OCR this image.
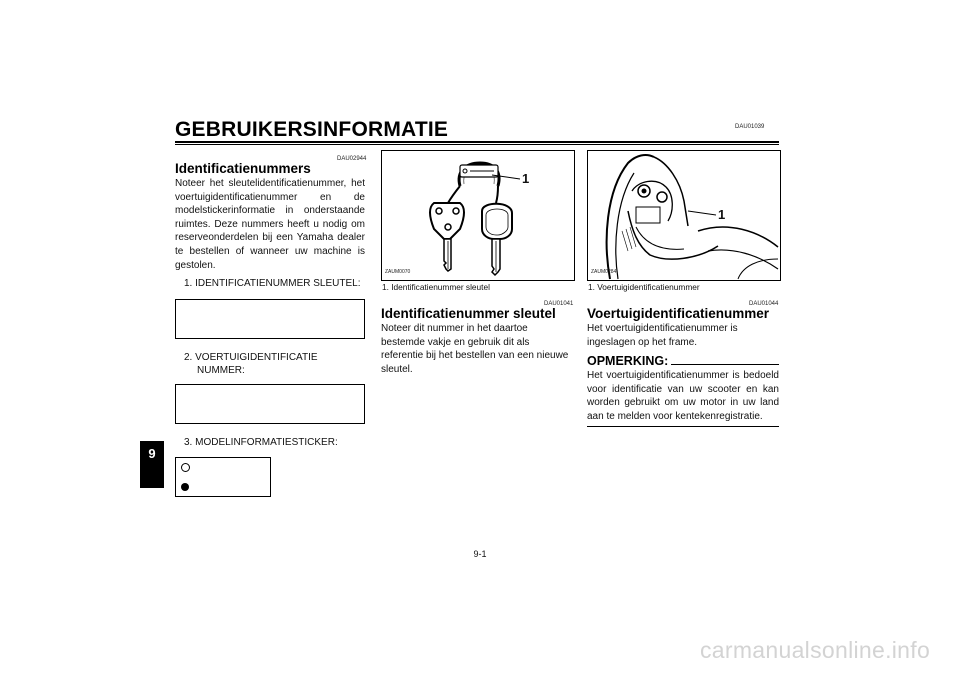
DAU01039
GEBRUIKERSINFORMATIE
9
DAU02944
Identificatienummers
Noteer het sleutelidentificatienummer, het voertuigidentificatienummer en de modelstickerinformatie in onderstaande ruimtes. Deze nummers heeft u nodig om reserveonderdelen bij een Yamaha dealer te bestellen of wanneer uw machine is gestolen.
1. IDENTIFICATIENUMMER SLEUTEL:
2. VOERTUIGIDENTIFICATIE
NUMMER:
3. MODELINFORMATIESTICKER:
1
ZAUM0070
1. Identificatienummer sleutel
DAU01041
Identificatienummer sleutel
Noteer dit nummer in het daartoe bestemde vakje en gebruik dit als referentie bij het bestellen van een nieuwe sleutel.
1
ZAUM0284
1. Voertuigidentificatienummer
DAU01044
Voertuigidentificatienummer
Het voertuigidentificatienummer is ingeslagen op het frame.
OPMERKING:
Het voertuigidentificatienummer is bedoeld voor identificatie van uw scooter en kan worden gebruikt om uw motor in uw land aan te melden voor kentekenregistratie.
9-1
carmanualsonline.info
